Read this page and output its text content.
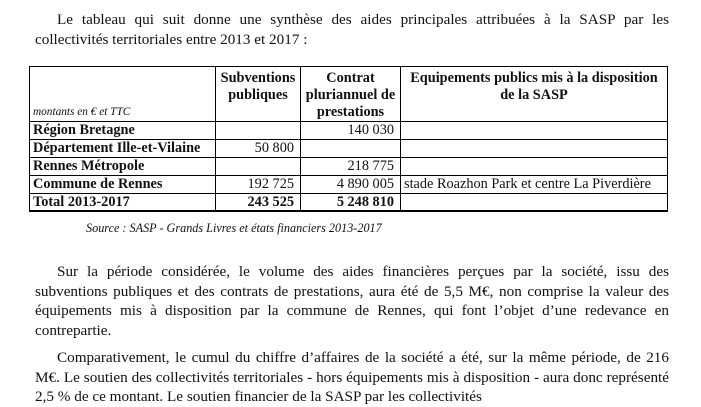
Le tableau qui suit donne une synthèse des aides principales attribuées à la SASP par les collectivités territoriales entre 2013 et 2017 :

montants en € et TTC	Subventions publiques	Contrat pluriannuel de prestations	Equipements publics mis à la disposition de la SASP
Région Bretagne		140 030	
Département Ille-et-Vilaine	50 800		
Rennes Métropole		218 775	
Commune de Rennes	192 725	4 890 005	stade Roazhon Park et centre La Piverdière
Total 2013-2017	243 525	5 248 810	

Source : SASP - Grands Livres et états financiers 2013-2017

Sur la période considérée, le volume des aides financières perçues par la société, issu des subventions publiques et des contrats de prestations, aura été de 5,5 M€, non comprise la valeur des équipements mis à disposition par la commune de Rennes, qui font l’objet d’une redevance en contrepartie.

Comparativement, le cumul du chiffre d’affaires de la société a été, sur la même période, de 216 M€. Le soutien des collectivités territoriales - hors équipements mis à disposition - aura donc représenté 2,5 % de ce montant. Le soutien financier de la SASP par les collectivités
